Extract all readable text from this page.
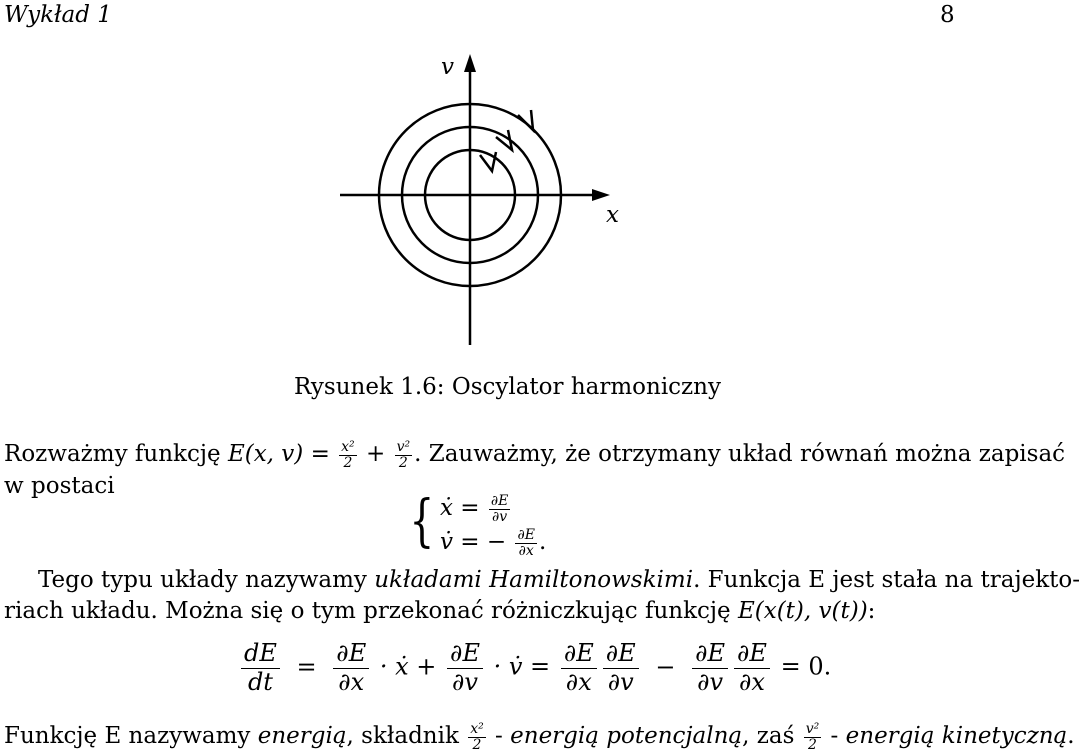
Wykład 1	8
v
x
Rysunek 1.6: Oscylator harmoniczny
Rozważmy funkcję E(x, $v) = \frac{\text{x²}}{2} + \frac{\text{v²}}{2}$ . Zauważmy, że otrzymany układ równań można zapisać
w postaci
{ ẋ = $\frac{\partial E}{\partial v}$
v̇ = − $\frac{\partial E}{\partial x}$ .
Tego typu układy nazywamy układami Hamiltonowskimi. Funkcja E jest stała na trajekto-
riach układu. Można się o tym przekonać różniczkując funkcję E(x(t), v(t)):
$\frac{dE}{dt} = \frac{\partial E}{\partial x}$ · ẋ + $\frac{\partial E}{\partial v}$ · v̇ = $\frac{\partial E}{\partial x} \frac{\partial E}{\partial v} - \frac{\partial E}{\partial v} \frac{\partial E}{\partial x} = 0$.
Funkcję E nazywamy energią, składnik $\frac{\text{x²}}{2}$ - energią potencjalną, zaś $\frac{\text{v²}}{2}$ - energią kinetyczną.
